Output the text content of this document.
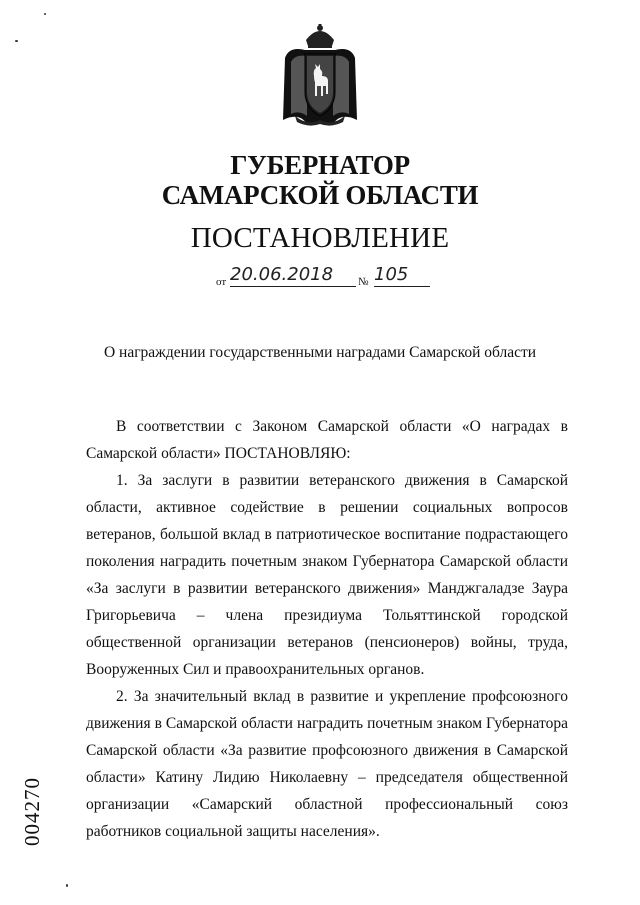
ГУБЕРНАТОР
САМАРСКОЙ ОБЛАСТИ
ПОСТАНОВЛЕНИЕ
от 20.06.2018	№ 105
О награждении государственными наградами Самарской области

В соответствии с Законом Самарской области «О наградах в Самарской области» ПОСТАНОВЛЯЮ:

1. За заслуги в развитии ветеранского движения в Самарской области, активное содействие в решении социальных вопросов ветеранов, большой вклад в патриотическое воспитание подрастающего поколения наградить почетным знаком Губернатора Самарской области «За заслуги в развитии ветеранского движения» Манджгаладзе Заура Григорьевича – члена президиума Тольяттинской городской общественной организации ветеранов (пенсионеров) войны, труда, Вооруженных Сил и правоохранительных органов.

2. За значительный вклад в развитие и укрепление профсоюзного движения в Самарской области наградить почетным знаком Губернатора Самарской области «За развитие профсоюзного движения в Самарской области» Катину Лидию Николаевну – председателя общественной организации «Самарский областной профессиональный союз работников социальной защиты населения».

004270
